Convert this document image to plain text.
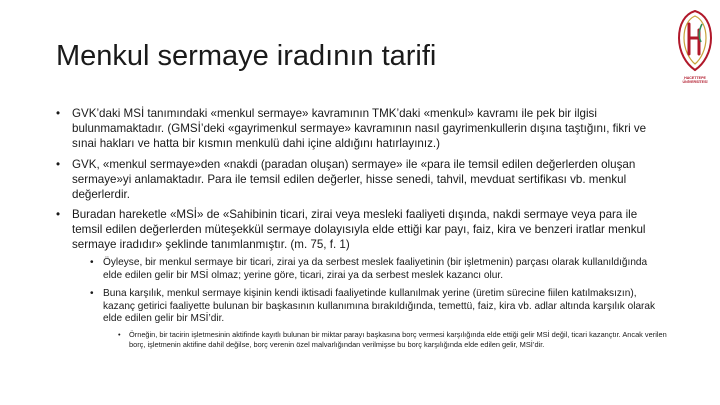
Menkul sermaye iradının tarifi
HACETTEPE
ÜNİVERSİTESİ
• GVK’daki MSİ tanımındaki «menkul sermaye» kavramının TMK’daki «menkul» kavramı ile pek bir ilgisi bulunmamaktadır. (GMSİ’deki «gayrimenkul sermaye» kavramının nasıl gayrimenkullerin dışına taştığını, fikri ve sınai hakları ve hatta bir kısmın menkulü dahi içine aldığını hatırlayınız.)
• GVK, «menkul sermaye»den «nakdi (paradan oluşan) sermaye» ile «para ile temsil edilen değerlerden oluşan sermaye»yi anlamaktadır. Para ile temsil edilen değerler, hisse senedi, tahvil, mevduat sertifikası vb. menkul değerlerdir.
• Buradan hareketle «MSİ» de «Sahibinin ticari, zirai veya mesleki faaliyeti dışında, nakdi sermaye veya para ile temsil edilen değerlerden müteşekkül sermaye dolayısıyla elde ettiği kar payı, faiz, kira ve benzeri iratlar menkul sermaye iradıdır» şeklinde tanımlanmıştır. (m. 75, f. 1)
• Öyleyse, bir menkul sermaye bir ticari, zirai ya da serbest meslek faaliyetinin (bir işletmenin) parçası olarak kullanıldığında elde edilen gelir bir MSİ olmaz; yerine göre, ticari, zirai ya da serbest meslek kazancı olur.
• Buna karşılık, menkul sermaye kişinin kendi iktisadi faaliyetinde kullanılmak yerine (üretim sürecine fiilen katılmaksızın), kazanç getirici faaliyette bulunan bir başkasının kullanımına bırakıldığında, temettü, faiz, kira vb. adlar altında karşılık olarak elde edilen gelir bir MSİ’dir.
• Örneğin, bir tacirin işletmesinin aktifinde kayıtlı bulunan bir miktar parayı başkasına borç vermesi karşılığında elde ettiği gelir MSİ değil, ticari kazançtır. Ancak verilen borç, işletmenin aktifine dahil değilse, borç verenin özel malvarlığından verilmişse bu borç karşılığında elde edilen gelir, MSİ’dir.
